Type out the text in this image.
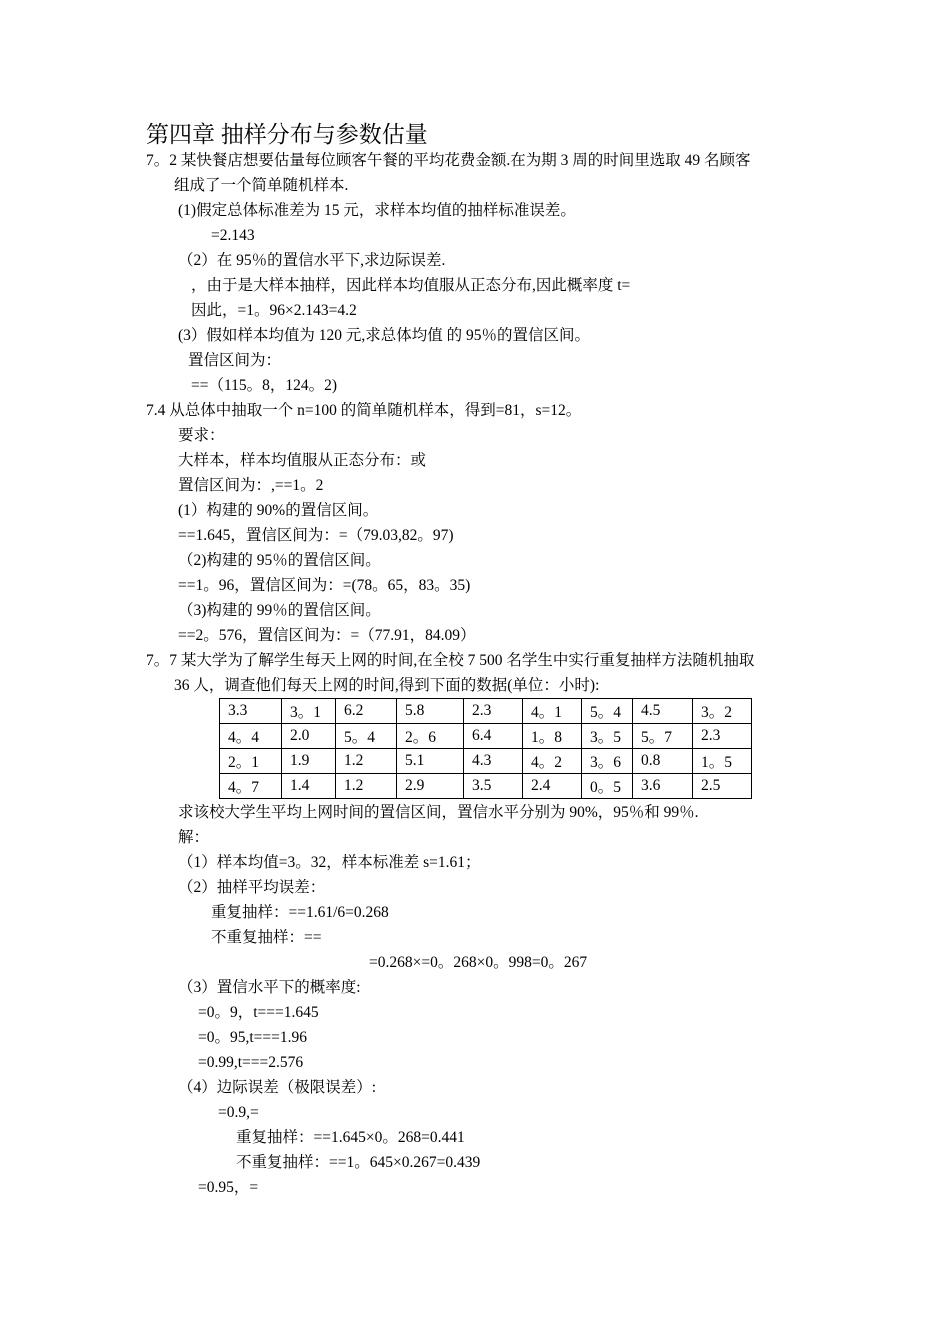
第四章 抽样分布与参数估量
7。2 某快餐店想要估量每位顾客午餐的平均花费金额.在为期 3 周的时间里选取 49 名顾客
组成了一个简单随机样本.
(1)假定总体标准差为 15 元，求样本均值的抽样标准误差。
=2.143
（2）在 95％的置信水平下,求边际误差.
，由于是大样本抽样，因此样本均值服从正态分布,因此概率度 t=
因此，=1。96×2.143=4.2
(3）假如样本均值为 120 元,求总体均值 的 95％的置信区间。
置信区间为：
==（115。8，124。2)
7.4 从总体中抽取一个 n=100 的简单随机样本，得到=81，s=12。
要求：
大样本，样本均值服从正态分布：或
置信区间为：,==1。2
(1）构建的 90%的置信区间。
==1.645，置信区间为：=（79.03,82。97)
（2)构建的 95％的置信区间。
==1。96，置信区间为：=(78。65，83。35)
（3)构建的 99％的置信区间。
==2。576，置信区间为：=（77.91，84.09）
7。7 某大学为了解学生每天上网的时间,在全校 7 500 名学生中实行重复抽样方法随机抽取
36 人，调查他们每天上网的时间,得到下面的数据(单位：小时):
3.3	3。1	6.2	5.8	2.3	4。1	5。4	4.5	3。2
4。4	2.0	5。4	2。6	6.4	1。8	3。5	5。7	2.3
2。1	1.9	1.2	5.1	4.3	4。2	3。6	0.8	1。5
4。7	1.4	1.2	2.9	3.5	2.4	0。5	3.6	2.5
求该校大学生平均上网时间的置信区间，置信水平分别为 90%，95％和 99％.
解：
（1）样本均值=3。32，样本标准差 s=1.61；
（2）抽样平均误差：
重复抽样：==1.61/6=0.268
不重复抽样：==
=0.268×=0。268×0。998=0。267
（3）置信水平下的概率度:
=0。9，t===1.645
=0。95,t===1.96
=0.99,t===2.576
（4）边际误差（极限误差）:
=0.9,=
重复抽样：==1.645×0。268=0.441
不重复抽样：==1。645×0.267=0.439
=0.95，=
